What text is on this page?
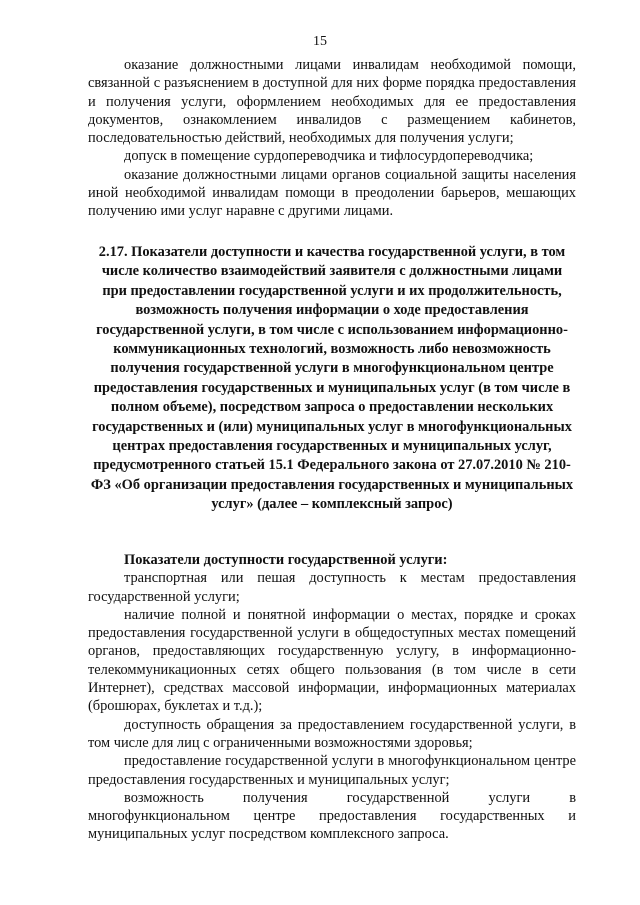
15

оказание должностными лицами инвалидам необходимой помощи, связанной с разъяснением в доступной для них форме порядка предоставления и получения услуги, оформлением необходимых для ее предоставления документов, ознакомлением инвалидов с размещением кабинетов, последовательностью действий, необходимых для получения услуги;

допуск в помещение сурдопереводчика и тифлосурдопереводчика;

оказание должностными лицами органов социальной защиты населения иной необходимой инвалидам помощи в преодолении барьеров, мешающих получению ими услуг наравне с другими лицами.

2.17. Показатели доступности и качества государственной услуги, в том числе количество взаимодействий заявителя с должностными лицами при предоставлении государственной услуги и их продолжительность, возможность получения информации о ходе предоставления государственной услуги, в том числе с использованием информационно-коммуникационных технологий, возможность либо невозможность получения государственной услуги в многофункциональном центре предоставления государственных и муниципальных услуг (в том числе в полном объеме), посредством запроса о предоставлении нескольких государственных и (или) муниципальных услуг в многофункциональных центрах предоставления государственных и муниципальных услуг, предусмотренного статьей 15.1 Федерального закона от 27.07.2010 № 210-ФЗ «Об организации предоставления государственных и муниципальных услуг» (далее – комплексный запрос)

Показатели доступности государственной услуги:

транспортная или пешая доступность к местам предоставления государственной услуги;

наличие полной и понятной информации о местах, порядке и сроках предоставления государственной услуги в общедоступных местах помещений органов, предоставляющих государственную услугу, в информационно-телекоммуникационных сетях общего пользования (в том числе в сети Интернет), средствах массовой информации, информационных материалах (брошюрах, буклетах и т.д.);

доступность обращения за предоставлением государственной услуги, в том числе для лиц с ограниченными возможностями здоровья;

предоставление государственной услуги в многофункциональном центре предоставления государственных и муниципальных услуг;

возможность получения государственной услуги в многофункциональном центре предоставления государственных и муниципальных услуг посредством комплексного запроса.
